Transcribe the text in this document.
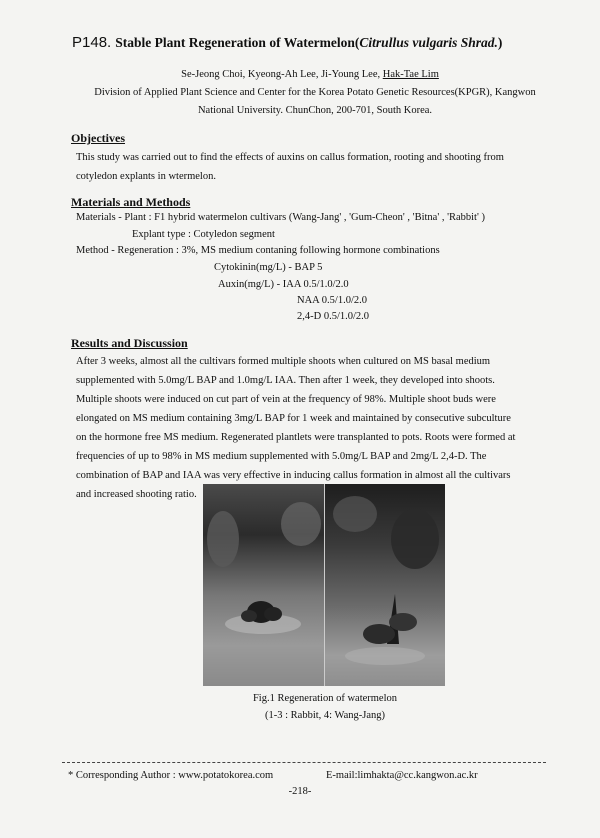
P148. Stable Plant Regeneration of Watermelon(Citrullus vulgaris Shrad.)
Se-Jeong Choi, Kyeong-Ah Lee, Ji-Young Lee, Hak-Tae Lim
Division of Applied Plant Science and Center for the Korea Potato Genetic Resources(KPGR), Kangwon
National University. ChunChon, 200-701, South Korea.
Objectives
This study was carried out to find the effects of auxins on callus formation, rooting and shooting from
cotyledon explants in wtermelon.
Materials and Methods
Materials - Plant : F1 hybrid watermelon cultivars (Wang-Jang' , 'Gum-Cheon' , 'Bitna' , 'Rabbit' )
Explant type : Cotyledon segment
Method - Regeneration : 3%, MS medium contaning following hormone combinations
Cytokinin(mg/L) - BAP 5
Auxin(mg/L) - IAA 0.5/1.0/2.0
NAA 0.5/1.0/2.0
2,4-D 0.5/1.0/2.0
Results and Discussion
After 3 weeks, almost all the cultivars formed multiple shoots when cultured on MS basal medium
supplemented with 5.0mg/L BAP and 1.0mg/L IAA. Then after 1 week, they developed into shoots.
Multiple shoots were induced on cut part of vein at the frequency of 98%. Multiple shoot buds were
elongated on MS medium containing 3mg/L BAP for 1 week and maintained by consecutive subculture
on the hormone free MS medium. Regenerated plantlets were transplanted to pots. Roots were formed at
frequencies of up to 98% in MS medium supplemented with 5.0mg/L BAP and 2mg/L 2,4-D. The
combination of BAP and IAA was very effective in inducing callus formation in almost all the cultivars
and increased shooting ratio.
Fig.1 Regeneration of watermelon
(1-3 : Rabbit, 4: Wang-Jang)
* Corresponding Author : www.potatokorea.com	E-mail:limhakta@cc.kangwon.ac.kr
-218-
